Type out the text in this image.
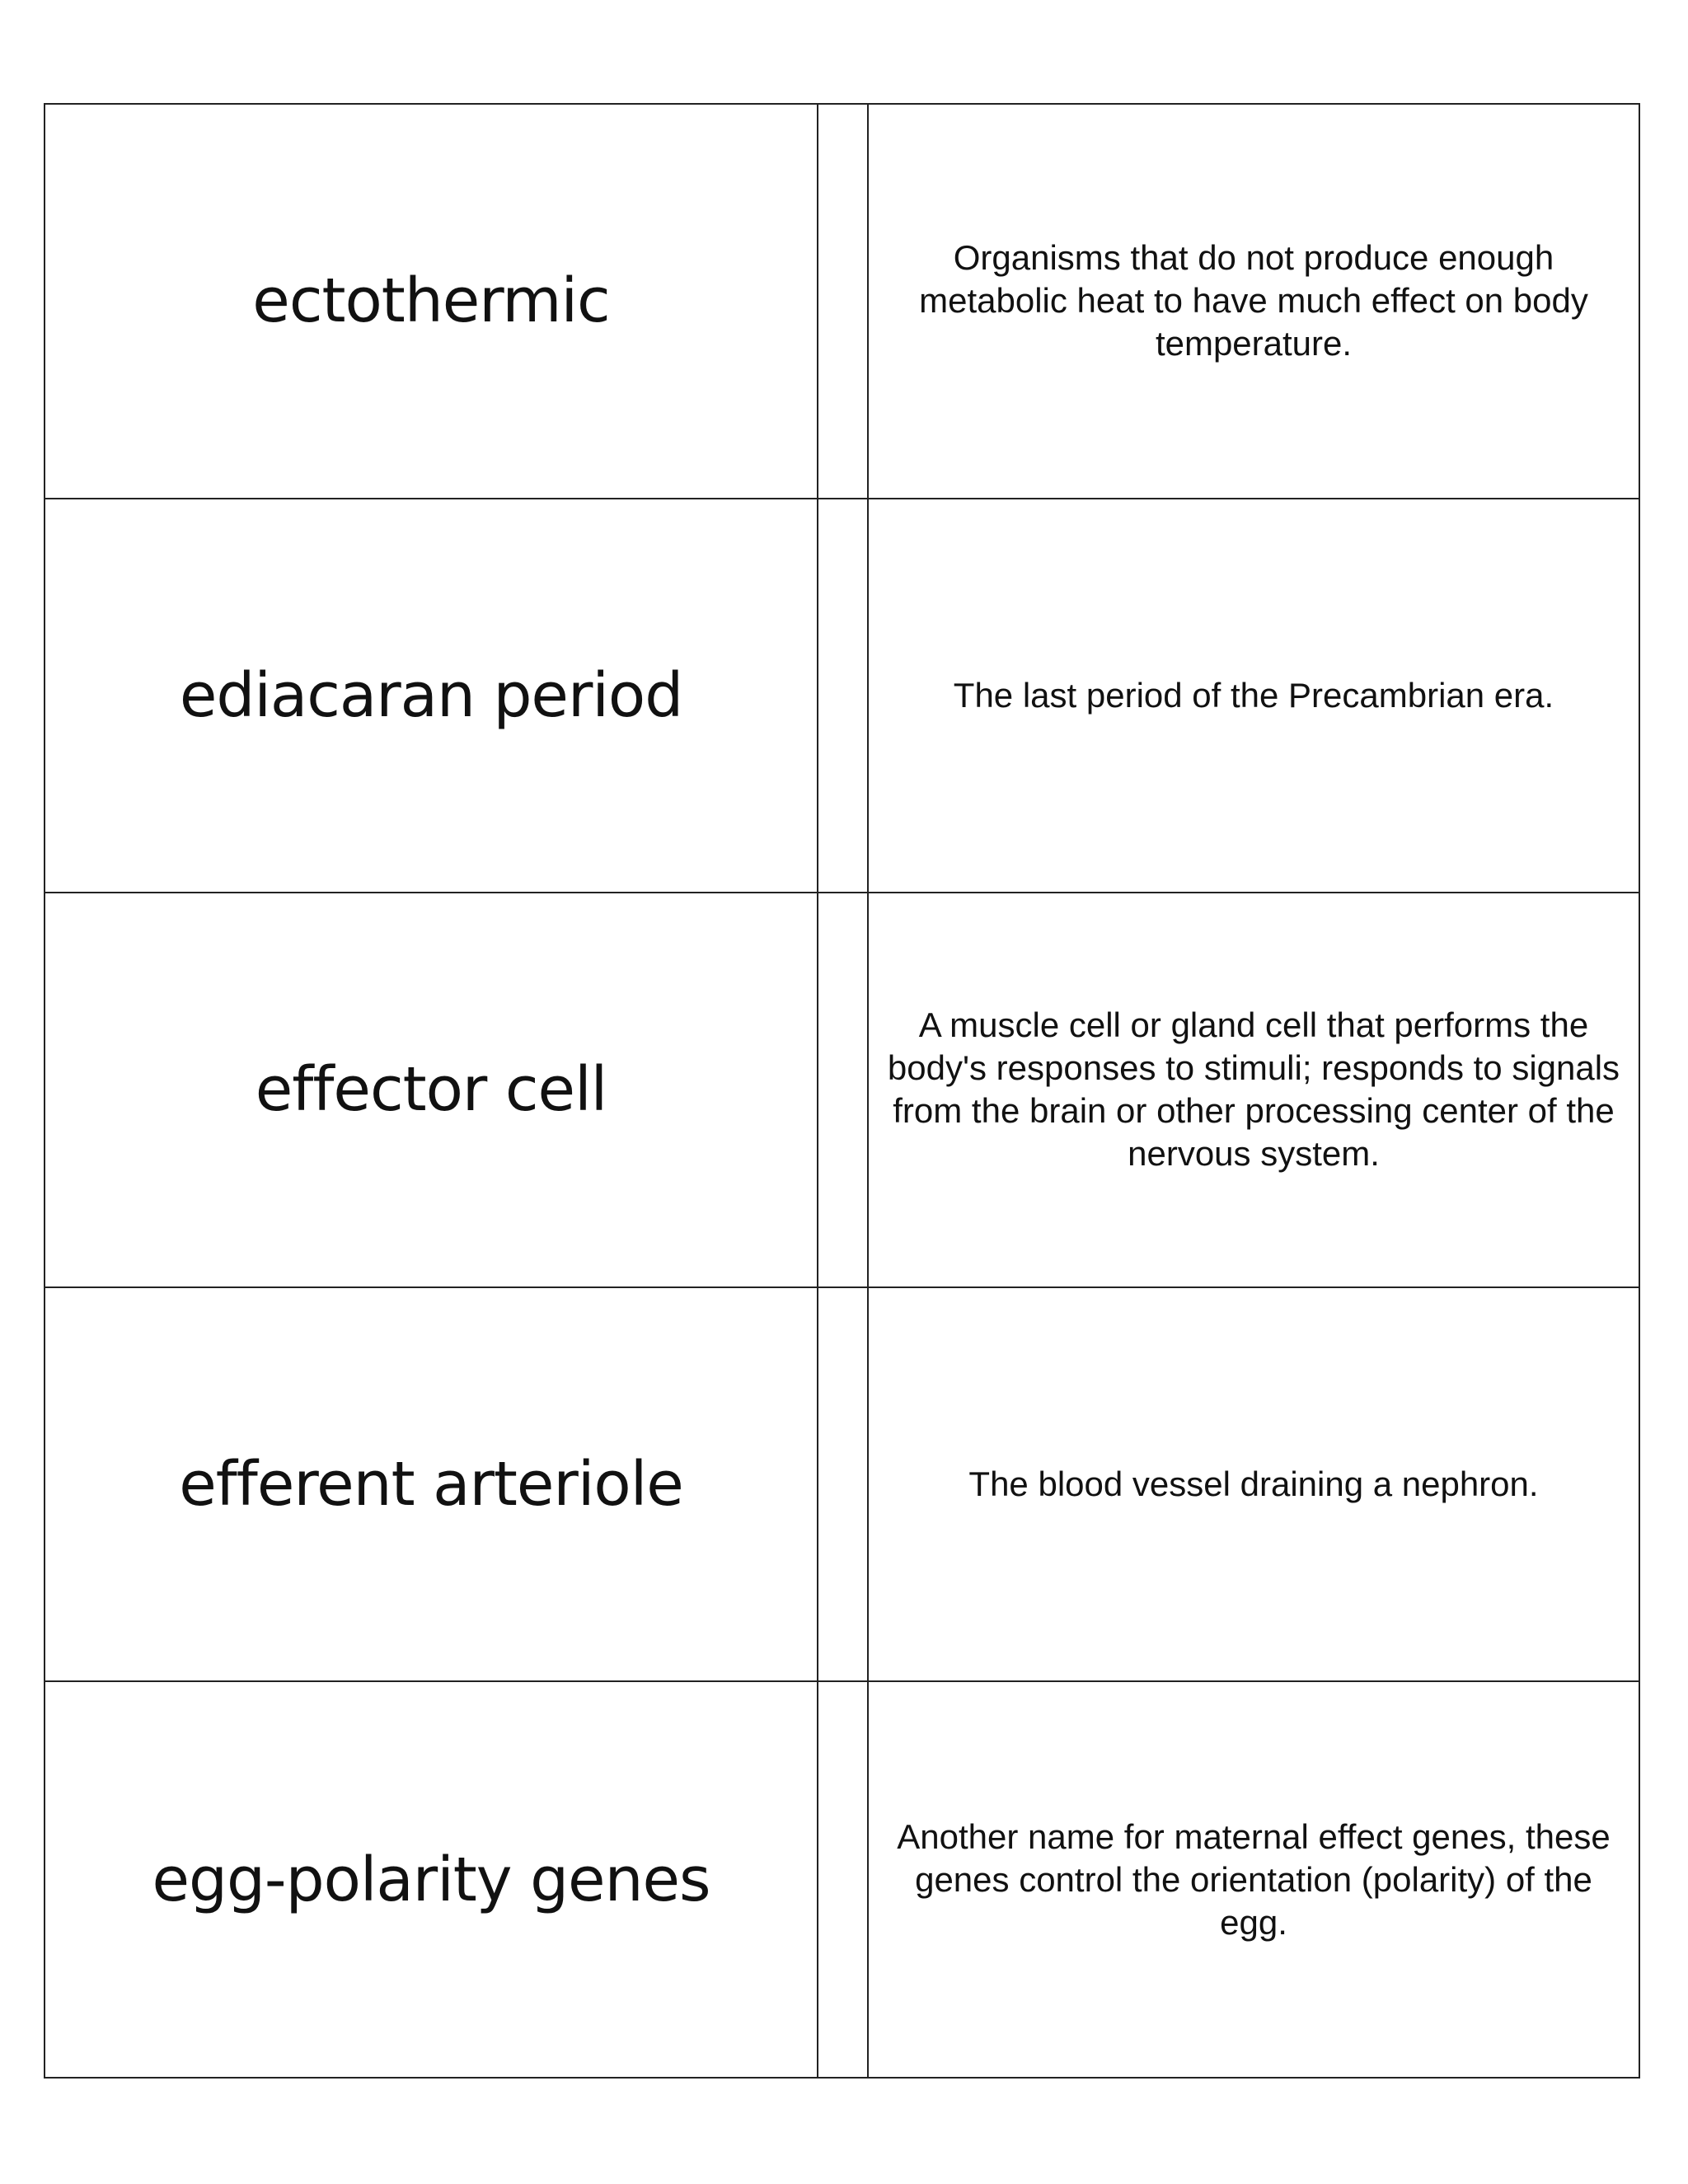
ectothermic
Organisms that do not produce enough metabolic heat to have much effect on body temperature.
ediacaran period	The last period of the Precambrian era.
effector cell
A muscle cell or gland cell that performs the body's responses to stimuli; responds to signals from the brain or other processing center of the nervous system.
efferent arteriole	The blood vessel draining a nephron.
egg-polarity genes
Another name for maternal effect genes, these genes control the orientation (polarity) of the egg.
